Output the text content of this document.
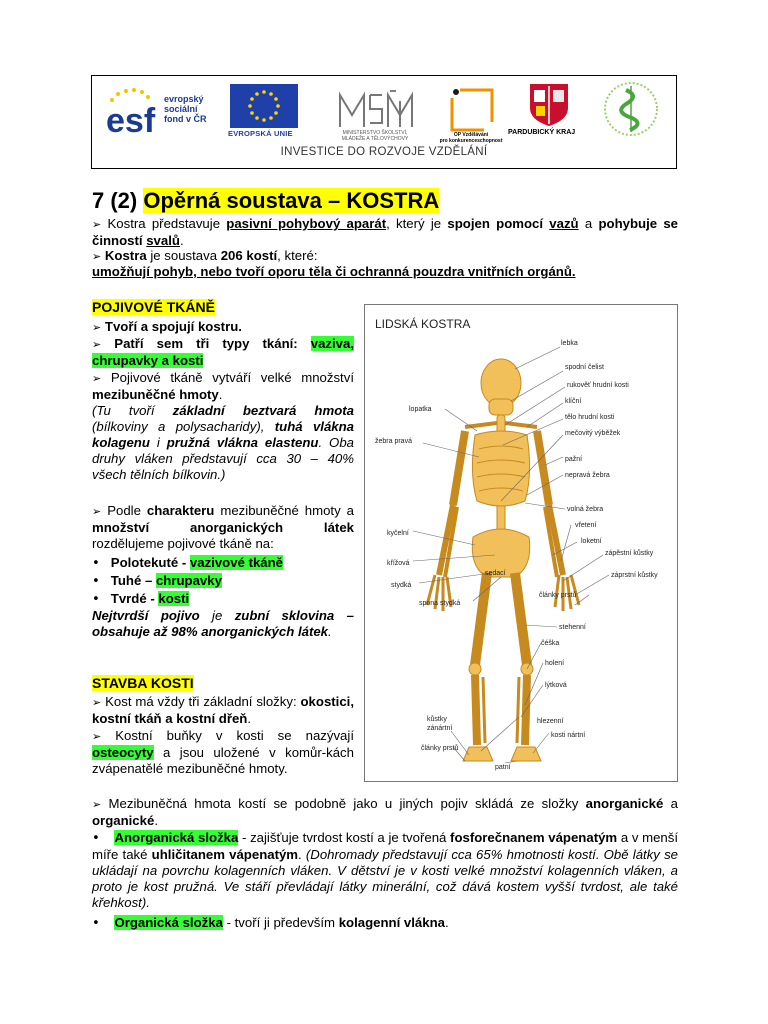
esf
evropský
sociální
fond v ČR
EVROPSKÁ UNIE	MINISTERSTVO ŠKOLSTVÍ,
MLÁDEŽE A TĚLOVÝCHOVY
OP Vzdělávání
pro konkurenceschopnost
PARDUBICKÝ KRAJ
INVESTICE DO ROZVOJE VZDĚLÁNÍ
7 (2) Opěrná soustava – KOSTRA
➢ Kostra představuje pasivní pohybový aparát, který je spojen pomocí vazů a pohybuje se činností svalů.
➢ Kostra je soustava 206 kostí, které:
umožňují pohyb, nebo tvoří oporu těla či ochranná pouzdra vnitřních orgánů.
POJIVOVÉ TKÁNĚ
➢ Tvoří a spojují kostru.
➢ Patří sem tři typy tkání: vaziva, chrupavky a kosti
➢ Pojivové tkáně vytváří velké množství mezibuněčné hmoty.
(Tu tvoří základní beztvará hmota (bílkoviny a polysacharidy), tuhá vlákna kolagenu i pružná vlákna elastenu. Oba druhy vláken představují cca 30 – 40% všech tělních bílkovin.)
➢ Podle charakteru mezibuněčné hmoty a množství anorganických látek rozdělujeme pojivové tkáně na:
• Polotekuté - vazivové tkáně
• Tuhé – chrupavky
• Tvrdé - kosti
Nejtvrdší pojivo je zubní sklovina – obsahuje až 98% anorganických látek.
STAVBA KOSTI
➢ Kost má vždy tři základní složky: okostici, kostní tkáň a kostní dřeň.
➢ Kostní buňky v kosti se nazývají osteocyty a jsou uložené v komůr-kách zvápenatělé mezibuněčné hmoty.
➢ Mezibuněčná hmota kostí se podobně jako u jiných pojiv skládá ze složky anorganické a organické.
• Anorganická složka - zajišťuje tvrdost kostí a je tvořená fosforečnanem vápenatým a v menší míře také uhličitanem vápenatým. (Dohromady představují cca 65% hmotnosti kostí. Obě látky se ukládají na povrchu kolagenních vláken. V dětství je v kosti velké množství kolagenních vláken, a proto je kost pružná. Ve stáří převládají látky minerální, což dává kostem vyšší tvrdost, ale také křehkost).
• Organická složka - tvoří ji především kolagenní vlákna.
LIDSKÁ KOSTRA
lebka
spodní čelist
rukověť hrudní kosti
klíční
tělo hrudní kosti
mečovitý výběžek
pažní
nepravá žebra
volná žebra
vřetení
loketní
zápěstní kůstky
záprstní kůstky
články prstů
lopatka
žebra pravá
kyčelní
křížová
sedací
stydká
spona stydká
stehenní
čéška
holení
lýtková
kůstky
zánártní
hlezenní
články prstů
kosti nártní
patní
